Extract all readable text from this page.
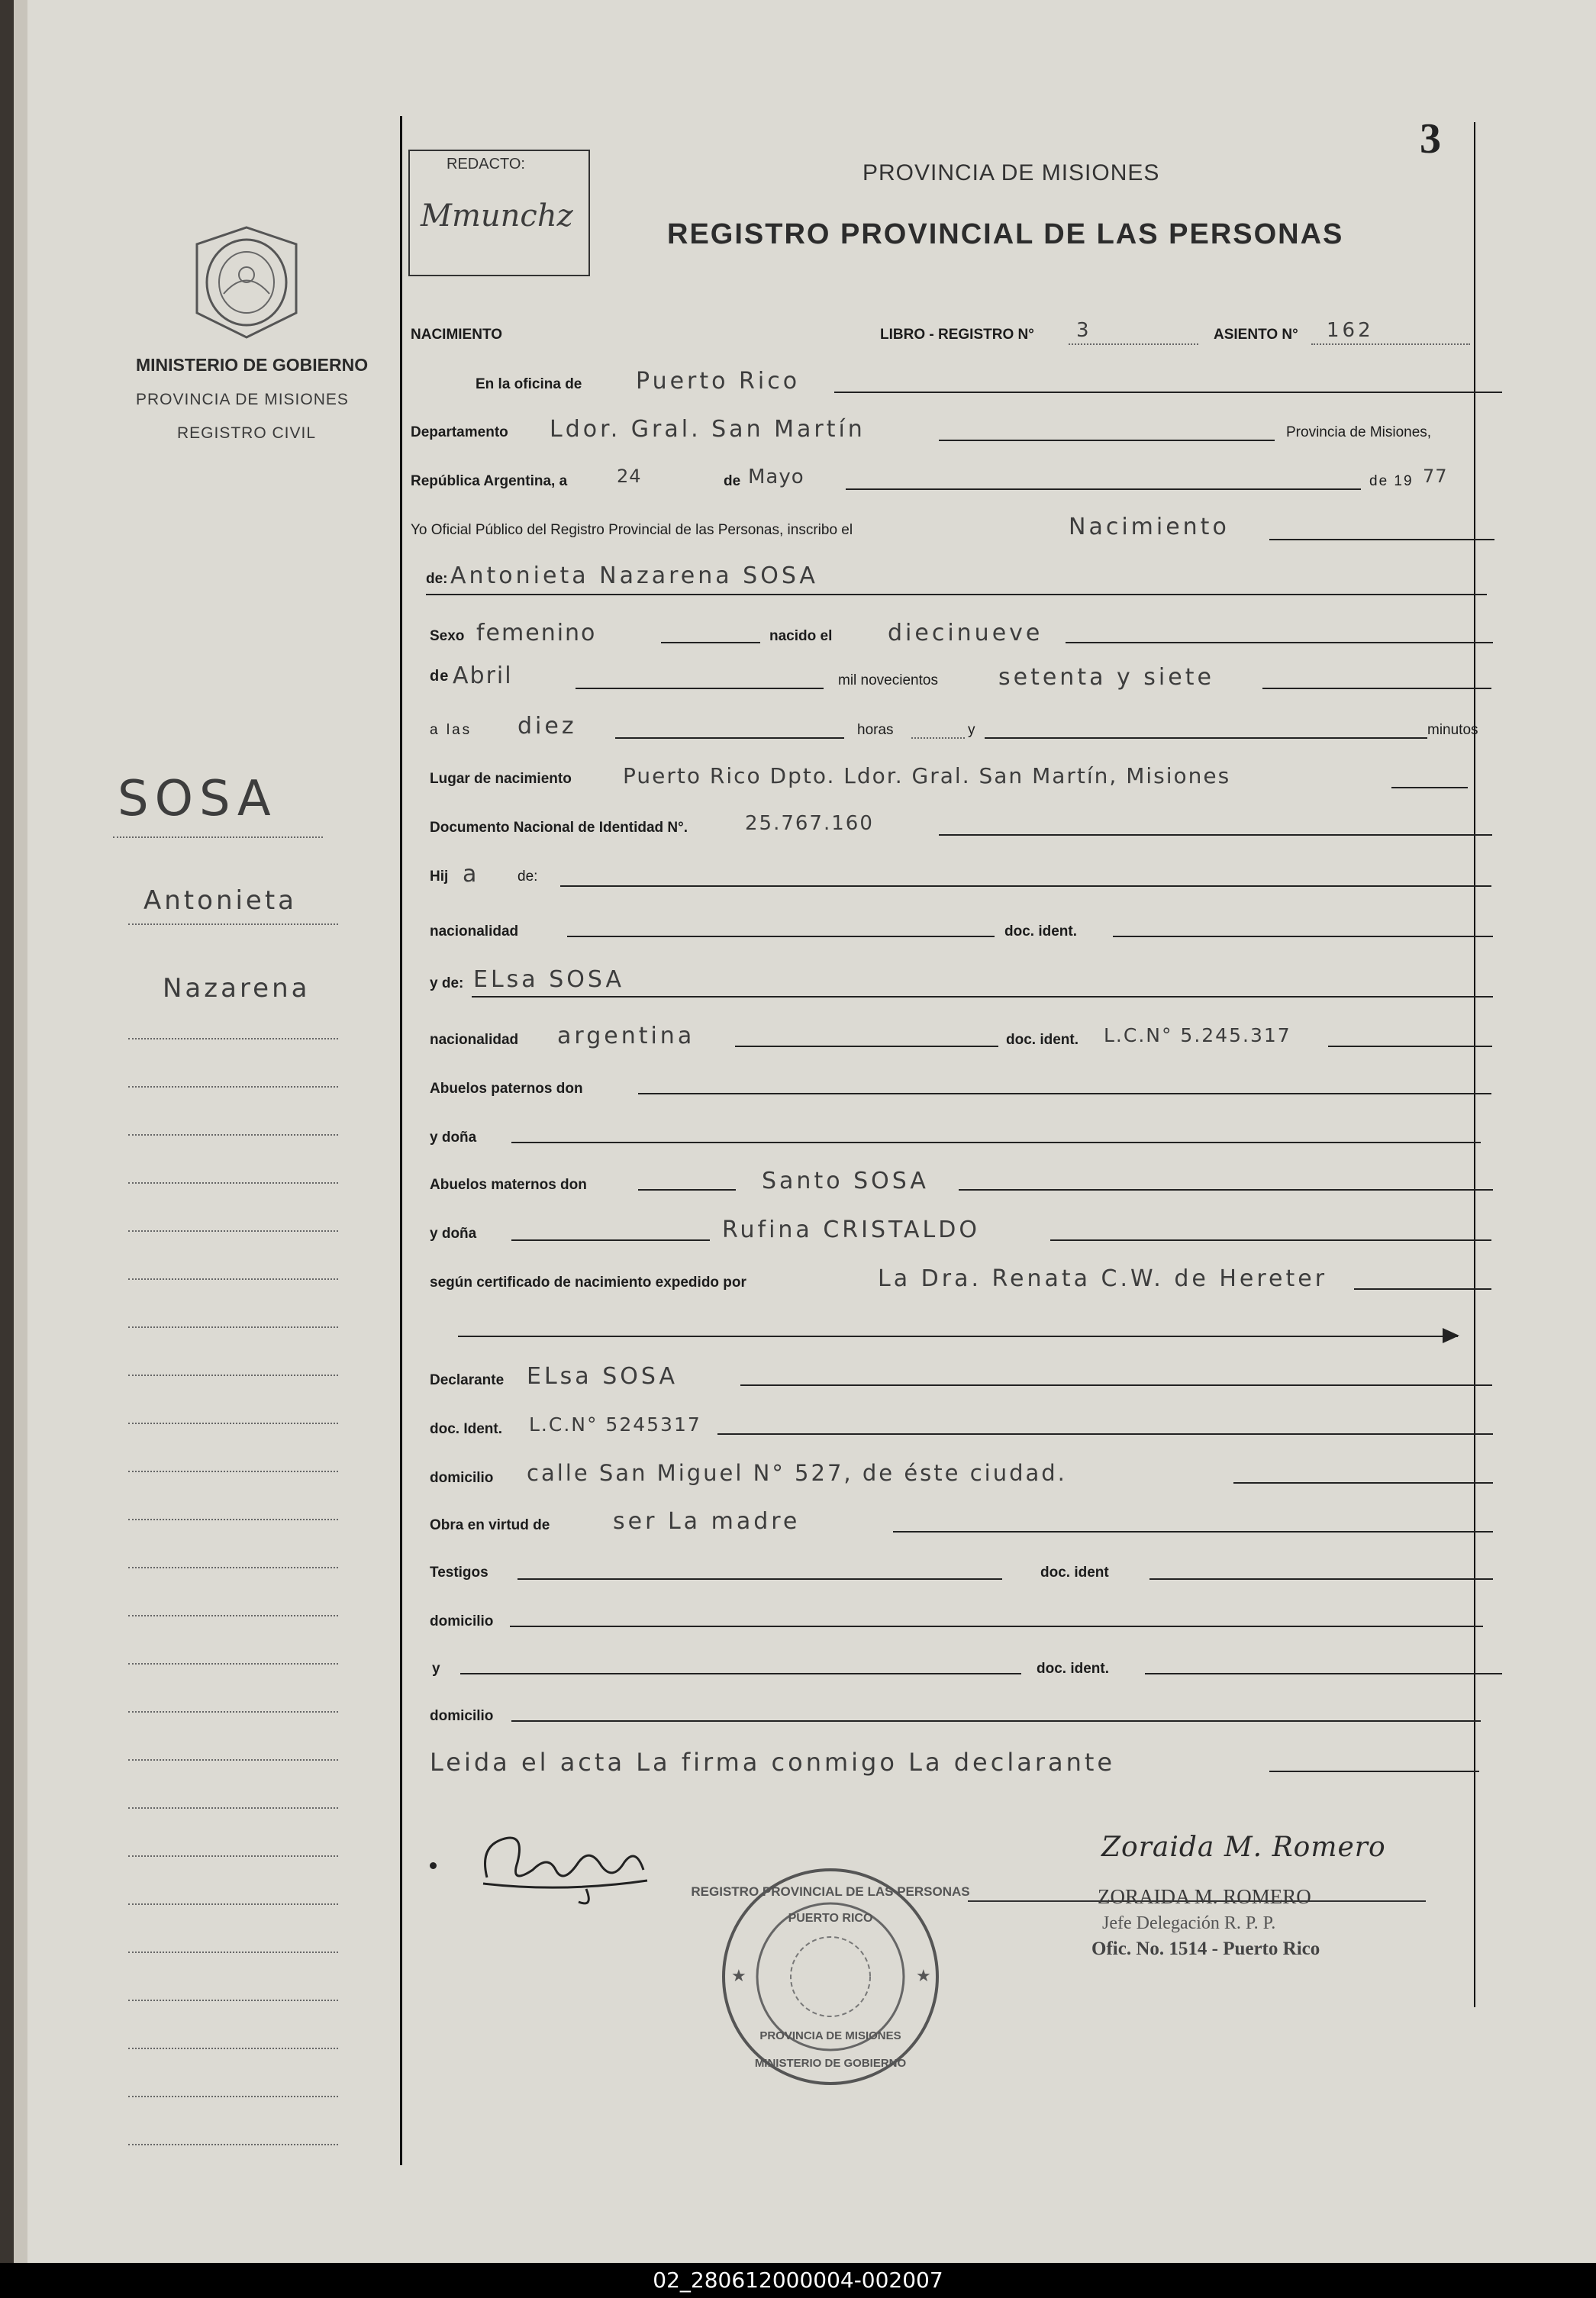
3
REDACTO:
Mmunchz
PROVINCIA DE MISIONES
REGISTRO PROVINCIAL DE LAS PERSONAS
MINISTERIO DE GOBIERNO
PROVINCIA DE MISIONES
REGISTRO CIVIL
SOSA
Antonieta
Nazarena
NACIMIENTO	LIBRO - REGISTRO N° 3	ASIENTO N° 162
En la oficina de Puerto Rico
Departamento Ldor. Gral. San Martín	Provincia de Misiones,
República Argentina, a	24	de Mayo	de 19 77
Yo Oficial Público del Registro Provincial de las Personas, inscribo el	Nacimiento
de: Antonieta Nazarena SOSA
Sexo femenino	nacido el diecinueve
de Abril	mil novecientos	setenta y siete
a las diez	horas	y	minutos
Lugar de nacimiento Puerto Rico Dpto. Ldor. Gral. San Martín, Misiones
Documento Nacional de Identidad N°.	25.767.160
Hij a	de:
nacionalidad	doc. ident.
y de: ELsa SOSA
nacionalidad argentina	doc. ident. L.C.N° 5.245.317
Abuelos paternos don
y doña
Abuelos maternos don	Santo SOSA
y doña	Rufina CRISTALDO
según certificado de nacimiento expedido por	La Dra. Renata C.W. de Hereter
Declarante ELsa SOSA
doc. Ident. L.C.N° 5245317
domicilio calle San Miguel N° 527, de éste ciudad.
Obra en virtud de	ser La madre
Testigos	doc. ident
domicilio
y	doc. ident.
domicilio
Leida el acta La firma conmigo La declarante
Zoraida M. Romero
ZORAIDA M. ROMERO
Jefe Delegación R. P. P.
Ofic. No. 1514 - Puerto Rico
REGISTRO PROVINCIAL DE LAS PERSONAS
PUERTO RICO
PROVINCIA DE MISIONES
MINISTERIO DE GOBIERNO
★	★
02_280612000004-002007
